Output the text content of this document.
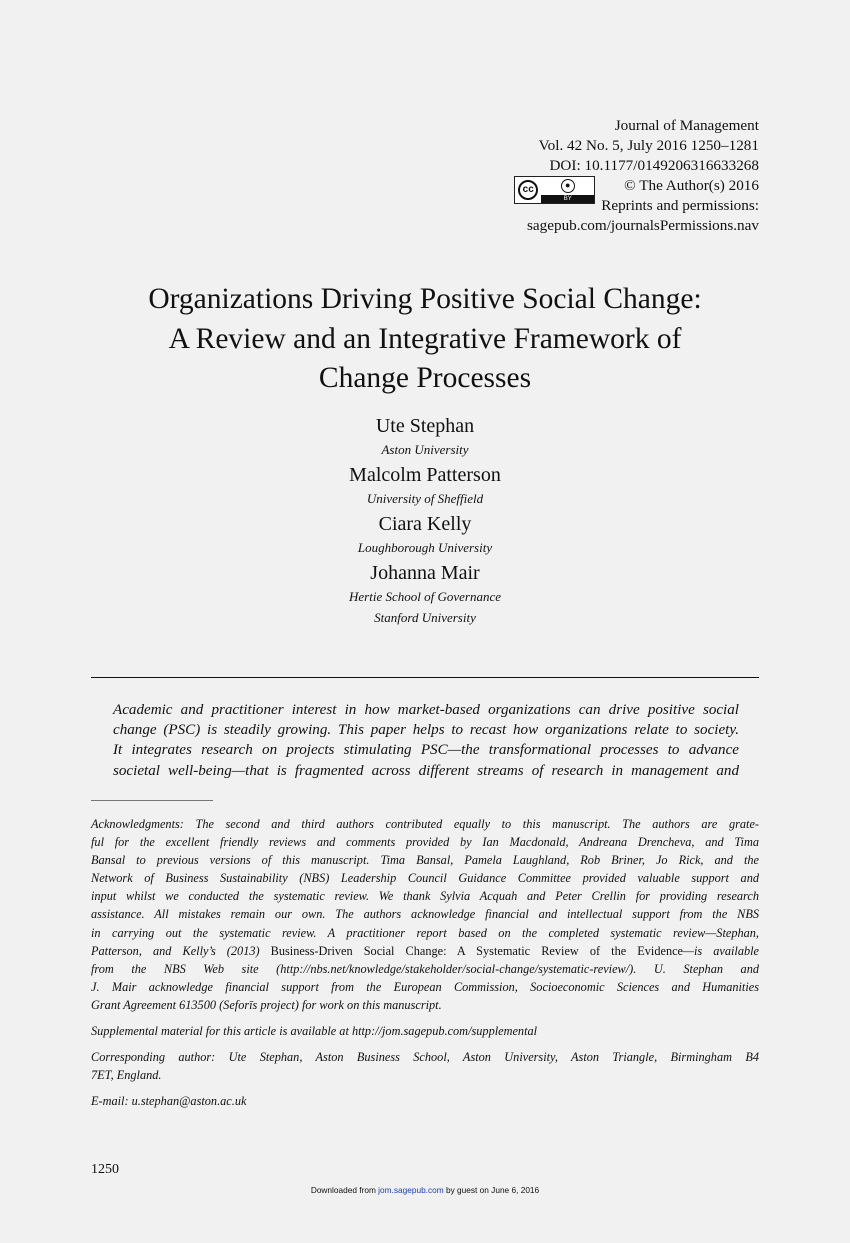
Journal of Management
Vol. 42 No. 5, July 2016 1250–1281
DOI: 10.1177/0149206316633268
cc	●
BY
© The Author(s) 2016
Reprints and permissions:
sagepub.com/journalsPermissions.nav
Organizations Driving Positive Social Change:
A Review and an Integrative Framework of
Change Processes
Ute Stephan
Aston University
Malcolm Patterson
University of Sheffield
Ciara Kelly
Loughborough University
Johanna Mair
Hertie School of Governance
Stanford University
Academic and practitioner interest in how market-based organizations can drive positive social
change (PSC) is steadily growing. This paper helps to recast how organizations relate to society.
It integrates research on projects stimulating PSC—the transformational processes to advance
societal well-being—that is fragmented across different streams of research in management and
Acknowledgments: The second and third authors contributed equally to this manuscript. The authors are grate-
ful for the excellent friendly reviews and comments provided by Ian Macdonald, Andreana Drencheva, and Tima
Bansal to previous versions of this manuscript. Tima Bansal, Pamela Laughland, Rob Briner, Jo Rick, and the
Network of Business Sustainability (NBS) Leadership Council Guidance Committee provided valuable support and
input whilst we conducted the systematic review. We thank Sylvia Acquah and Peter Crellin for providing research
assistance. All mistakes remain our own. The authors acknowledge financial and intellectual support from the NBS
in carrying out the systematic review. A practitioner report based on the completed systematic review—Stephan,
Patterson, and Kelly’s (2013) Business-Driven Social Change: A Systematic Review of the Evidence—is available
from the NBS Web site (http://nbs.net/knowledge/stakeholder/social-change/systematic-review/). U. Stephan and
J. Mair acknowledge financial support from the European Commission, Socioeconomic Sciences and Humanities
Grant Agreement 613500 (Seforīs project) for work on this manuscript.
Supplemental material for this article is available at http://jom.sagepub.com/supplemental
Corresponding author: Ute Stephan, Aston Business School, Aston University, Aston Triangle, Birmingham B4
7ET, England.
E-mail: u.stephan@aston.ac.uk
1250
Downloaded from jom.sagepub.com by guest on June 6, 2016
